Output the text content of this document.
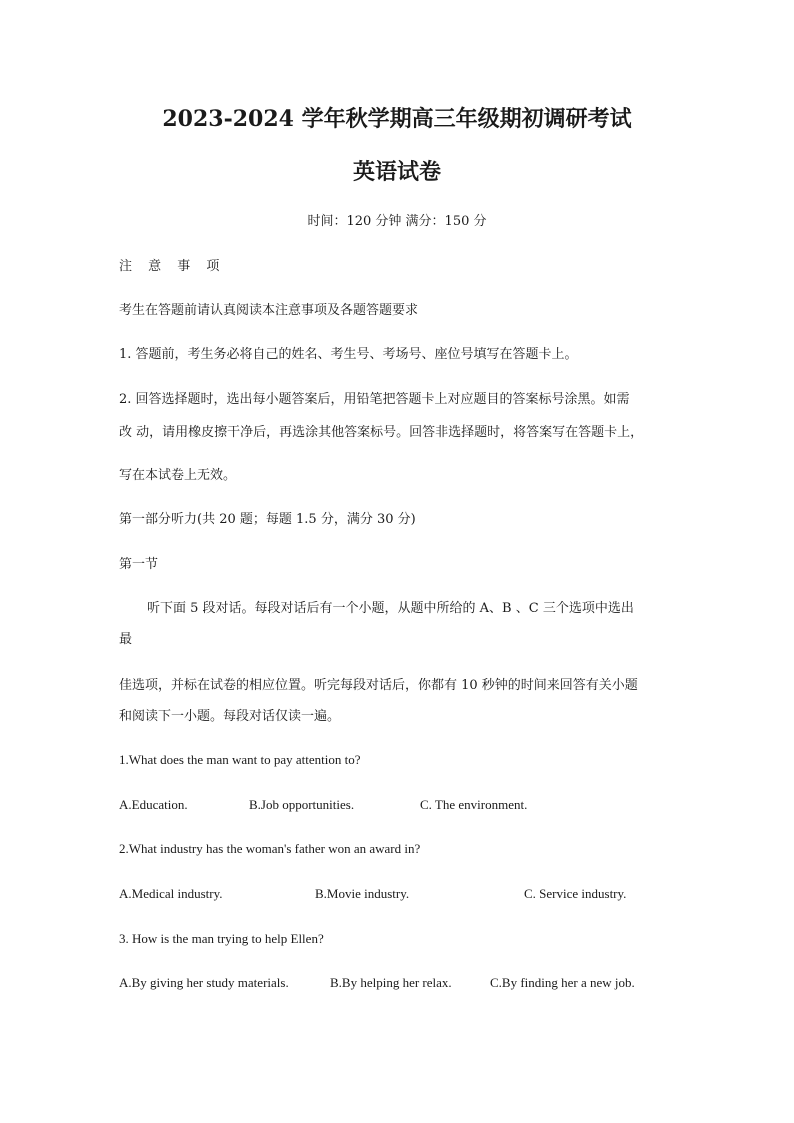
2023-2024 学年秋学期高三年级期初调研考试
英语试卷
时间：120 分钟 满分：150 分
注 意 事 项
考生在答题前请认真阅读本注意事项及各题答题要求
1. 答题前，考生务必将自己的姓名、考生号、考场号、座位号填写在答题卡上。
2. 回答选择题时，选出每小题答案后，用铅笔把答题卡上对应题目的答案标号涂黑。如需
改 动，请用橡皮擦干净后，再选涂其他答案标号。回答非选择题时，将答案写在答题卡上，
写在本试卷上无效。
第一部分听力(共 20 题；每题 1.5 分，满分 30 分)
第一节
听下面 5 段对话。每段对话后有一个小题，从题中所给的 A、B 、C 三个选项中选出
最
佳选项，并标在试卷的相应位置。听完每段对话后，你都有 10 秒钟的时间来回答有关小题
和阅读下一小题。每段对话仅读一遍。
1.What does the man want to pay attention to?
A.Education.	B.Job opportunities.	C. The environment.
2.What industry has the woman's father won an award in?
A.Medical industry.	B.Movie industry.	C. Service industry.
3. How is the man trying to help Ellen?
A.By giving her study materials.	B.By helping her relax.	C.By finding her a new job.
